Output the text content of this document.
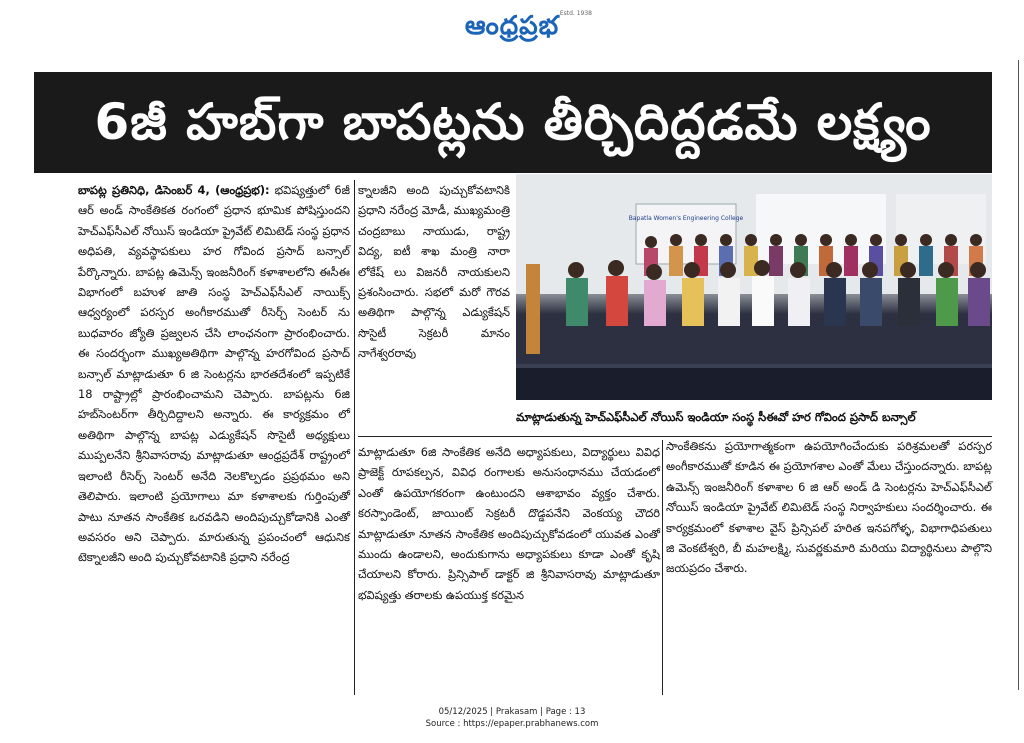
ఆంధ్రప్రభ Estd. 1938
6జీ హబ్‌గా బాపట్లను తీర్చిదిద్దడమే లక్ష్యం
బాపట్ల ప్రతినిధి, డిసెంబర్ 4, (ఆంధ్రప్రభ): భవిష్యత్తులో 6జీ ఆర్ అండ్ సాంకేతికత రంగంలో ప్రధాన భూమిక పోషిస్తుందని హెచ్ఎఫ్‌సీఎల్ నోయిస్ ఇండియా ప్రైవేట్ లిమిటెడ్ సంస్థ ప్రధాన అధిపతి, వ్యవస్థాపకులు హర గోవింద ప్రసాద్ బన్సాల్ పేర్కొన్నారు. బాపట్ల ఉమెన్స్ ఇంజనీరింగ్ కళాశాలలోని ఈసీఈ విభాగంలో బహుళ జాతి సంస్థ హెచ్ఎఫ్‌సీఎల్ నాయిక్స్ ఆధ్వర్యంలో పరస్పర అంగీకారముతో రీసెర్చ్ సెంటర్ ను బుధవారం జ్యోతి ప్రజ్వలన చేసి లాంఛనంగా ప్రారంభించారు. ఈ సందర్భంగా ముఖ్యఅతిథిగా పాల్గొన్న హరగోవింద ప్రసాద్ బన్సాల్ మాట్లాడుతూ 6 జి సెంటర్లను భారతదేశంలో ఇప్పటికే 18 రాష్ట్రాల్లో ప్రారంభించామని చెప్పారు. బాపట్లను 6జి హబ్‌సెంటర్‌గా తీర్చిదిద్దాలని అన్నారు. ఈ కార్యక్రమం లో అతిథిగా పాల్గొన్న బాపట్ల ఎడ్యుకేషన్ సొసైటీ అధ్యక్షులు ముప్పలనేని శ్రీనివాసరావు మాట్లాడుతూ ఆంధ్రప్రదేశ్ రాష్ట్రంలో ఇలాంటి రీసెర్చ్ సెంటర్ అనేది నెలకొల్పడం ప్రప్రథమం అని తెలిపారు. ఇలాంటి ప్రయోగాలు మా కళాశాలకు గుర్తింపుతో పాటు నూతన సాంకేతిక ఒరవడిని అందిపుచ్చుకోడానికి ఎంతో అవసరం అని చెప్పారు. మారుతున్న ప్రపంచంలో ఆధునిక టెక్నాలజీని అంది పుచ్చుకోవటానికి ప్రధాని నరేంద్ర
క్నాలజీని అంది పుచ్చుకోవటానికి ప్రధాని నరేంద్ర మోడీ, ముఖ్యమంత్రి చంద్రబాబు నాయుడు, రాష్ట్ర విద్య, ఐటీ శాఖ మంత్రి నారా లోకేష్ లు విజనరీ నాయకులని ప్రశంసించారు. సభలో మరో గౌరవ అతిథిగా పాల్గొన్న ఎడ్యుకేషన్ సొసైటీ సెక్రటరీ మానం నాగేశ్వరరావు
Bapatla Women's Engineering College
మాట్లాడుతున్న హెచ్ఎఫ్‌సీఎల్ నోయిస్ ఇండియా సంస్థ సీఈవో హర గోవింద ప్రసాద్ బన్సాల్
మాట్లాడుతూ 6జి సాంకేతిక అనేది అధ్యాపకులు, విద్యార్థులు వివిధ ప్రాజెక్ట్ రూపకల్పన, వివిధ రంగాలకు అనుసంధానము చేయడంలో ఎంతో ఉపయోగకరంగా ఉంటుందని ఆశాభావం వ్యక్తం చేశారు. కరస్పాండెంట్, జాయింట్ సెక్రటరీ దొడ్డపనేని వెంకయ్య చౌదరి మాట్లాడుతూ నూతన సాంకేతిక అందిపుచ్చుకోవడంలో యువత ఎంతో ముందు ఉండాలని, అందుకుగాను అధ్యాపకులు కూడా ఎంతో కృషి చేయాలని కోరారు. ప్రిన్సిపాల్ డాక్టర్ జి శ్రీనివాసరావు మాట్లాడుతూ భవిష్యత్తు తరాలకు ఉపయుక్త కరమైన
సాంకేతికను ప్రయోగాత్మకంగా ఉపయోగించేందుకు పరిశ్రమలతో పరస్పర అంగీకారముతో కూడిన ఈ ప్రయోగశాల ఎంతో మేలు చేస్తుందన్నారు. బాపట్ల ఉమెన్స్ ఇంజనీరింగ్ కళాశాల 6 జి ఆర్ అండ్ డి సెంటర్లను హెచ్ఎఫ్‌సీఎల్ నోయిస్ ఇండియా ప్రైవేట్ లిమిటెడ్ సంస్థ నిర్వాహకులు సందర్శించారు. ఈ కార్యక్రమంలో కళాశాల వైస్ ప్రిన్సిపల్ హరిత ఇనపగోళ్ళ, విభాగాధిపతులు జి వెంకటేశ్వరి, బీ మహలక్ష్మి, సువర్ణకుమారి మరియు విద్యార్థినులు పాల్గొని జయప్రదం చేశారు.
05/12/2025 | Prakasam | Page : 13
Source : https://epaper.prabhanews.com
